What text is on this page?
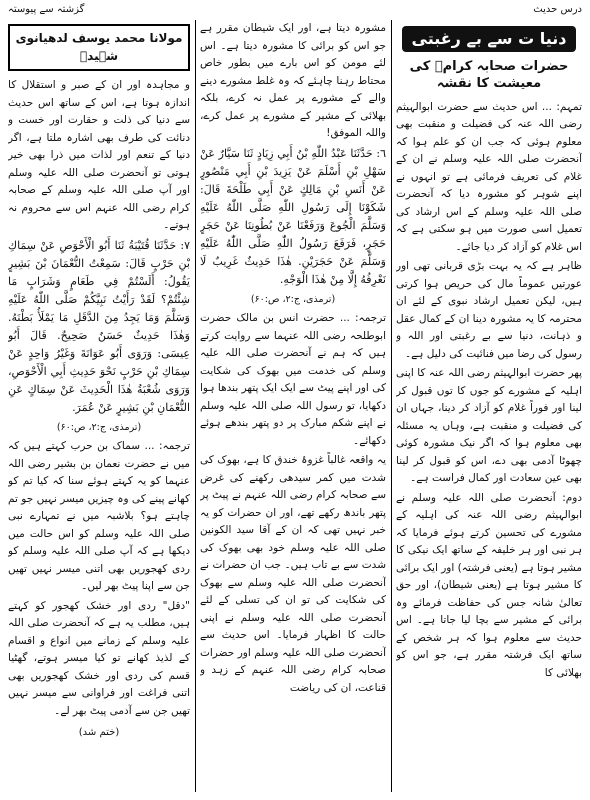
درس حدیث
گزشتہ سے پیوستہ
دنیا ت سے بے رغبتی
حضرات صحابہ کرامؓ کی معیشت کا نقشہ

تمہم: ... اس حدیث سے حضرت ابوالہیثم رضی اللہ عنہ کی فضیلت و منقبت بھی معلوم ہوئی کہ جب ان کو علم ہوا کہ آنحضرت صلی اللہ علیہ وسلم نے ان کے غلام کی تعریف فرمائی ہے تو انہوں نے اپنے شوہر کو مشورہ دیا کہ آنحضرت صلی اللہ علیہ وسلم کے اس ارشاد کی تعمیل اسی صورت میں ہو سکتی ہے کہ اس غلام کو آزاد کر دیا جائے۔

ظاہر ہے کہ یہ بہت بڑی قربانی تھی اور عورتیں عموماً مال کی حریص ہوا کرتی ہیں، لیکن تعمیل ارشاد نبوی کے لئے ان محترمہ کا یہ مشورہ دینا ان کے کمال عقل و ذہانت، دنیا سے بے رغبتی اور اللہ و رسول کی رضا میں فنائیت کی دلیل ہے۔

پھر حضرت ابوالہیثم رضی اللہ عنہ کا اپنی اہلیہ کے مشورے کو جوں کا توں قبول کر لینا اور فوراً غلام کو آزاد کر دینا، جہاں ان کی فضیلت و منقبت ہے، وہاں یہ مسئلہ بھی معلوم ہوا کہ اگر نیک مشورہ کوئی چھوٹا آدمی بھی دے، اس کو قبول کر لینا بھی عین سعادت اور کمال فراست ہے۔

دوم: آنحضرت صلی اللہ علیہ وسلم نے ابوالہیثم رضی اللہ عنہ کی اہلیہ کے مشورے کی تحسین کرتے ہوئے فرمایا کہ ہر نبی اور ہر خلیفہ کے ساتھ ایک نیکی کا مشیر ہوتا ہے (یعنی فرشتہ) اور ایک برائی کا مشیر ہوتا ہے (یعنی شیطان)، اور حق تعالیٰ شانہ جس کی حفاظت فرمائے وہ برائی کے مشیر سے بچا لیا جاتا ہے۔ اس حدیث سے معلوم ہوا کہ ہر شخص کے ساتھ ایک فرشتہ مقرر ہے، جو اس کو بھلائی کا

مشورہ دیتا ہے، اور ایک شیطان مقرر ہے جو اس کو برائی کا مشورہ دیتا ہے۔ اس لئے مومن کو اس بارے میں بطور خاص محتاط رہنا چاہئے کہ وہ غلط مشورے دینے والے کے مشورے پر عمل نہ کرے، بلکہ بھلائی کے مشیر کے مشورے پر عمل کرے، واللہ الموفق!

٦: حَدَّثَنَا عَبْدُ اللّٰهِ بْنُ أَبِي زِيَادٍ ثَنَا سَيَّارٌ عَنْ سَهْلِ بْنِ أَسْلَمَ عَنْ يَزِيدَ بْنِ أَبِي مَنْصُورٍ عَنْ أَنَسِ بْنِ مَالِكٍ عَنْ أَبِي طَلْحَةَ قَالَ: شَكَوْنَا إِلَى رَسُولِ اللّٰهِ صَلَّى اللّٰهُ عَلَيْهِ وَسَلَّمَ الْجُوعَ وَرَفَعْنَا عَنْ بُطُونِنَا عَنْ حَجَرٍ حَجَرٍ، فَرَفَعَ رَسُولُ اللّٰهِ صَلَّى اللّٰهُ عَلَيْهِ وَسَلَّمَ عَنْ حَجَرَيْنِ. هٰذَا حَدِيثٌ غَرِيبٌ لَا نَعْرِفُهُ إِلَّا مِنْ هٰذَا الْوَجْهِ.

(ترمذی، ج:۲، ص:۶۰)

ترجمہ: ... حضرت انس بن مالک حضرت ابوطلحہ رضی اللہ عنہما سے روایت کرتے ہیں کہ ہم نے آنحضرت صلی اللہ علیہ وسلم کی خدمت میں بھوک کی شکایت کی اور اپنے پیٹ سے ایک ایک پتھر بندھا ہوا دکھایا، تو رسول اللہ صلی اللہ علیہ وسلم نے اپنے شکم مبارک پر دو پتھر بندھے ہوئے دکھائے۔

یہ واقعہ غالباً غزوۂ خندق کا ہے، بھوک کی شدت میں کمر سیدھی رکھنے کی غرض سے صحابہ کرام رضی اللہ عنہم نے پیٹ پر پتھر باندھ رکھے تھے، اور ان حضرات کو یہ خبر نہیں تھی کہ ان کے آقا سید الکونین صلی اللہ علیہ وسلم خود بھی بھوک کی شدت سے بے تاب ہیں۔ جب ان حضرات نے آنحضرت صلی اللہ علیہ وسلم سے بھوک کی شکایت کی تو ان کی تسلی کے لئے آنحضرت صلی اللہ علیہ وسلم نے اپنی حالت کا اظہار فرمایا۔ اس حدیث سے آنحضرت صلی اللہ علیہ وسلم اور حضرات صحابہ کرام رضی اللہ عنہم کے زہد و قناعت، ان کی ریاضت

مولانا محمد یوسف لدھیانوی شہیدؒ

و مجاہدہ اور ان کے صبر و استقلال کا اندازہ ہوتا ہے، اس کے ساتھ اس حدیث سے دنیا کی ذلت و حقارت اور خست و دنائت کی طرف بھی اشارہ ملتا ہے، اگر دنیا کے تنعم اور لذات میں ذرا بھی خیر ہوتی تو آنحضرت صلی اللہ علیہ وسلم اور آپ صلی اللہ علیہ وسلم کے صحابہ کرام رضی اللہ عنہم اس سے محروم نہ ہوتے۔

٧: حَدَّثَنَا قُتَيْبَةُ ثَنَا أَبُو الْأَحْوَصِ عَنْ سِمَاكِ بْنِ حَرْبٍ قَالَ: سَمِعْتُ النُّعْمَانَ بْنَ بَشِيرٍ يَقُولُ: أَلَسْتُمْ فِي طَعَامٍ وَشَرَابٍ مَا شِئْتُمْ؟ لَقَدْ رَأَيْتُ نَبِيَّكُمْ صَلَّى اللّٰهُ عَلَيْهِ وَسَلَّمَ وَمَا يَجِدُ مِنَ الدَّقَلِ مَا يَمْلَأُ بَطْنَهُ. وَهٰذَا حَدِيثٌ حَسَنٌ صَحِيحٌ. قَالَ أَبُو عِيسَى: وَرَوَى أَبُو عَوَانَةَ وَغَيْرُ وَاحِدٍ عَنْ سِمَاكِ بْنِ حَرْبٍ نَحْوَ حَدِيثِ أَبِي الْأَحْوَصِ، وَرَوَى شُعْبَةُ هٰذَا الْحَدِيثَ عَنْ سِمَاكٍ عَنِ النُّعْمَانِ بْنِ بَشِيرٍ عَنْ عُمَرَ.

(ترمذی، ج:۲، ص:۶۰)

ترجمہ: ... سماک بن حرب کہتے ہیں کہ میں نے حضرت نعمان بن بشیر رضی اللہ عنہما کو یہ کہتے ہوئے سنا کہ کیا تم کو کھانے پینے کی وہ چیزیں میسر نہیں جو تم چاہتے ہو؟ بلاشبہ میں نے تمہارے نبی صلی اللہ علیہ وسلم کو اس حالت میں دیکھا ہے کہ آپ صلی اللہ علیہ وسلم کو ردی کھجوریں بھی اتنی میسر نہیں تھیں جن سے اپنا پیٹ بھر لیں۔

"دقل" ردی اور خشک کھجور کو کہتے ہیں، مطلب یہ ہے کہ آنحضرت صلی اللہ علیہ وسلم کے زمانے میں انواع و اقسام کے لذیذ کھانے تو کیا میسر ہوتے، گھٹیا قسم کی ردی اور خشک کھجوریں بھی اتنی فراغت اور فراوانی سے میسر نہیں تھیں جن سے آدمی پیٹ بھر لے۔

(ختم شد)
